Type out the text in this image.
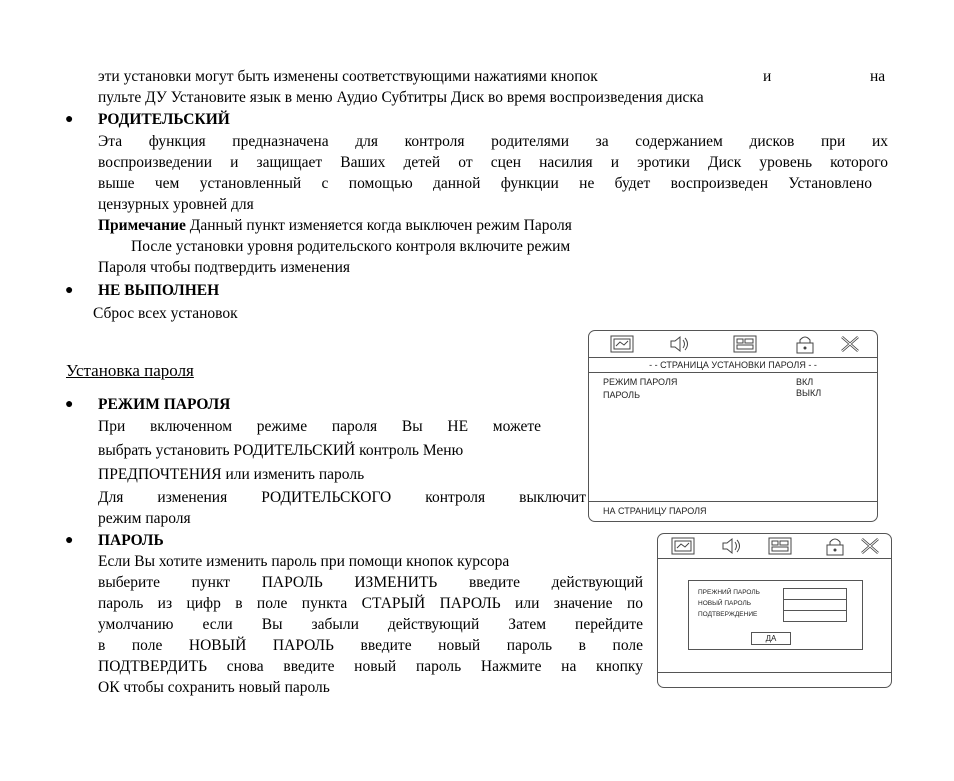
эти установки могут быть изменены соответствующими нажатиями кнопок	и	на
пульте ДУ Установите язык в меню Аудио Субтитры Диск во время воспроизведения диска
● РОДИТЕЛЬСКИЙ
Эта функция предназначена для контроля родителями за содержанием дисков при их
воспроизведении и защищает Ваших детей от сцен насилия и эротики Диск уровень которого
выше чем установленный с помощью данной функции не будет воспроизведен Установлено
цензурных уровней для
Примечание Данный пункт изменяется когда выключен режим Пароля
После установки уровня родительского контроля включите режим
Пароля чтобы подтвердить изменения
● НЕ ВЫПОЛНЕН
Сброс всех установок
Установка пароля
● РЕЖИМ ПАРОЛЯ
При включенном режиме пароля Вы НЕ можете
выбрать установить РОДИТЕЛЬСКИЙ контроль Меню
ПРЕДПОЧТЕНИЯ или изменить пароль
Для изменения РОДИТЕЛЬСКОГО контроля выключит
режим пароля
● ПАРОЛЬ
Если Вы хотите изменить пароль при помощи кнопок курсора
выберите пункт ПАРОЛЬ ИЗМЕНИТЬ введите действующий
пароль из цифр в поле пункта СТАРЫЙ ПАРОЛЬ или значение по
умолчанию если Вы забыли действующий Затем перейдите
в поле НОВЫЙ ПАРОЛЬ введите новый пароль в поле
ПОДТВЕРДИТЬ снова введите новый пароль Нажмите на кнопку
ОК чтобы сохранить новый пароль
- - СТРАНИЦА УСТАНОВКИ ПАРОЛЯ - -
РЕЖИМ ПАРОЛЯ	ВКЛ
ПАРОЛЬ	ВЫКЛ
НА СТРАНИЦУ ПАРОЛЯ
ПРЕЖНИЙ ПАРОЛЬ
НОВЫЙ ПАРОЛЬ
ПОДТВЕРЖДЕНИЕ
ДА
